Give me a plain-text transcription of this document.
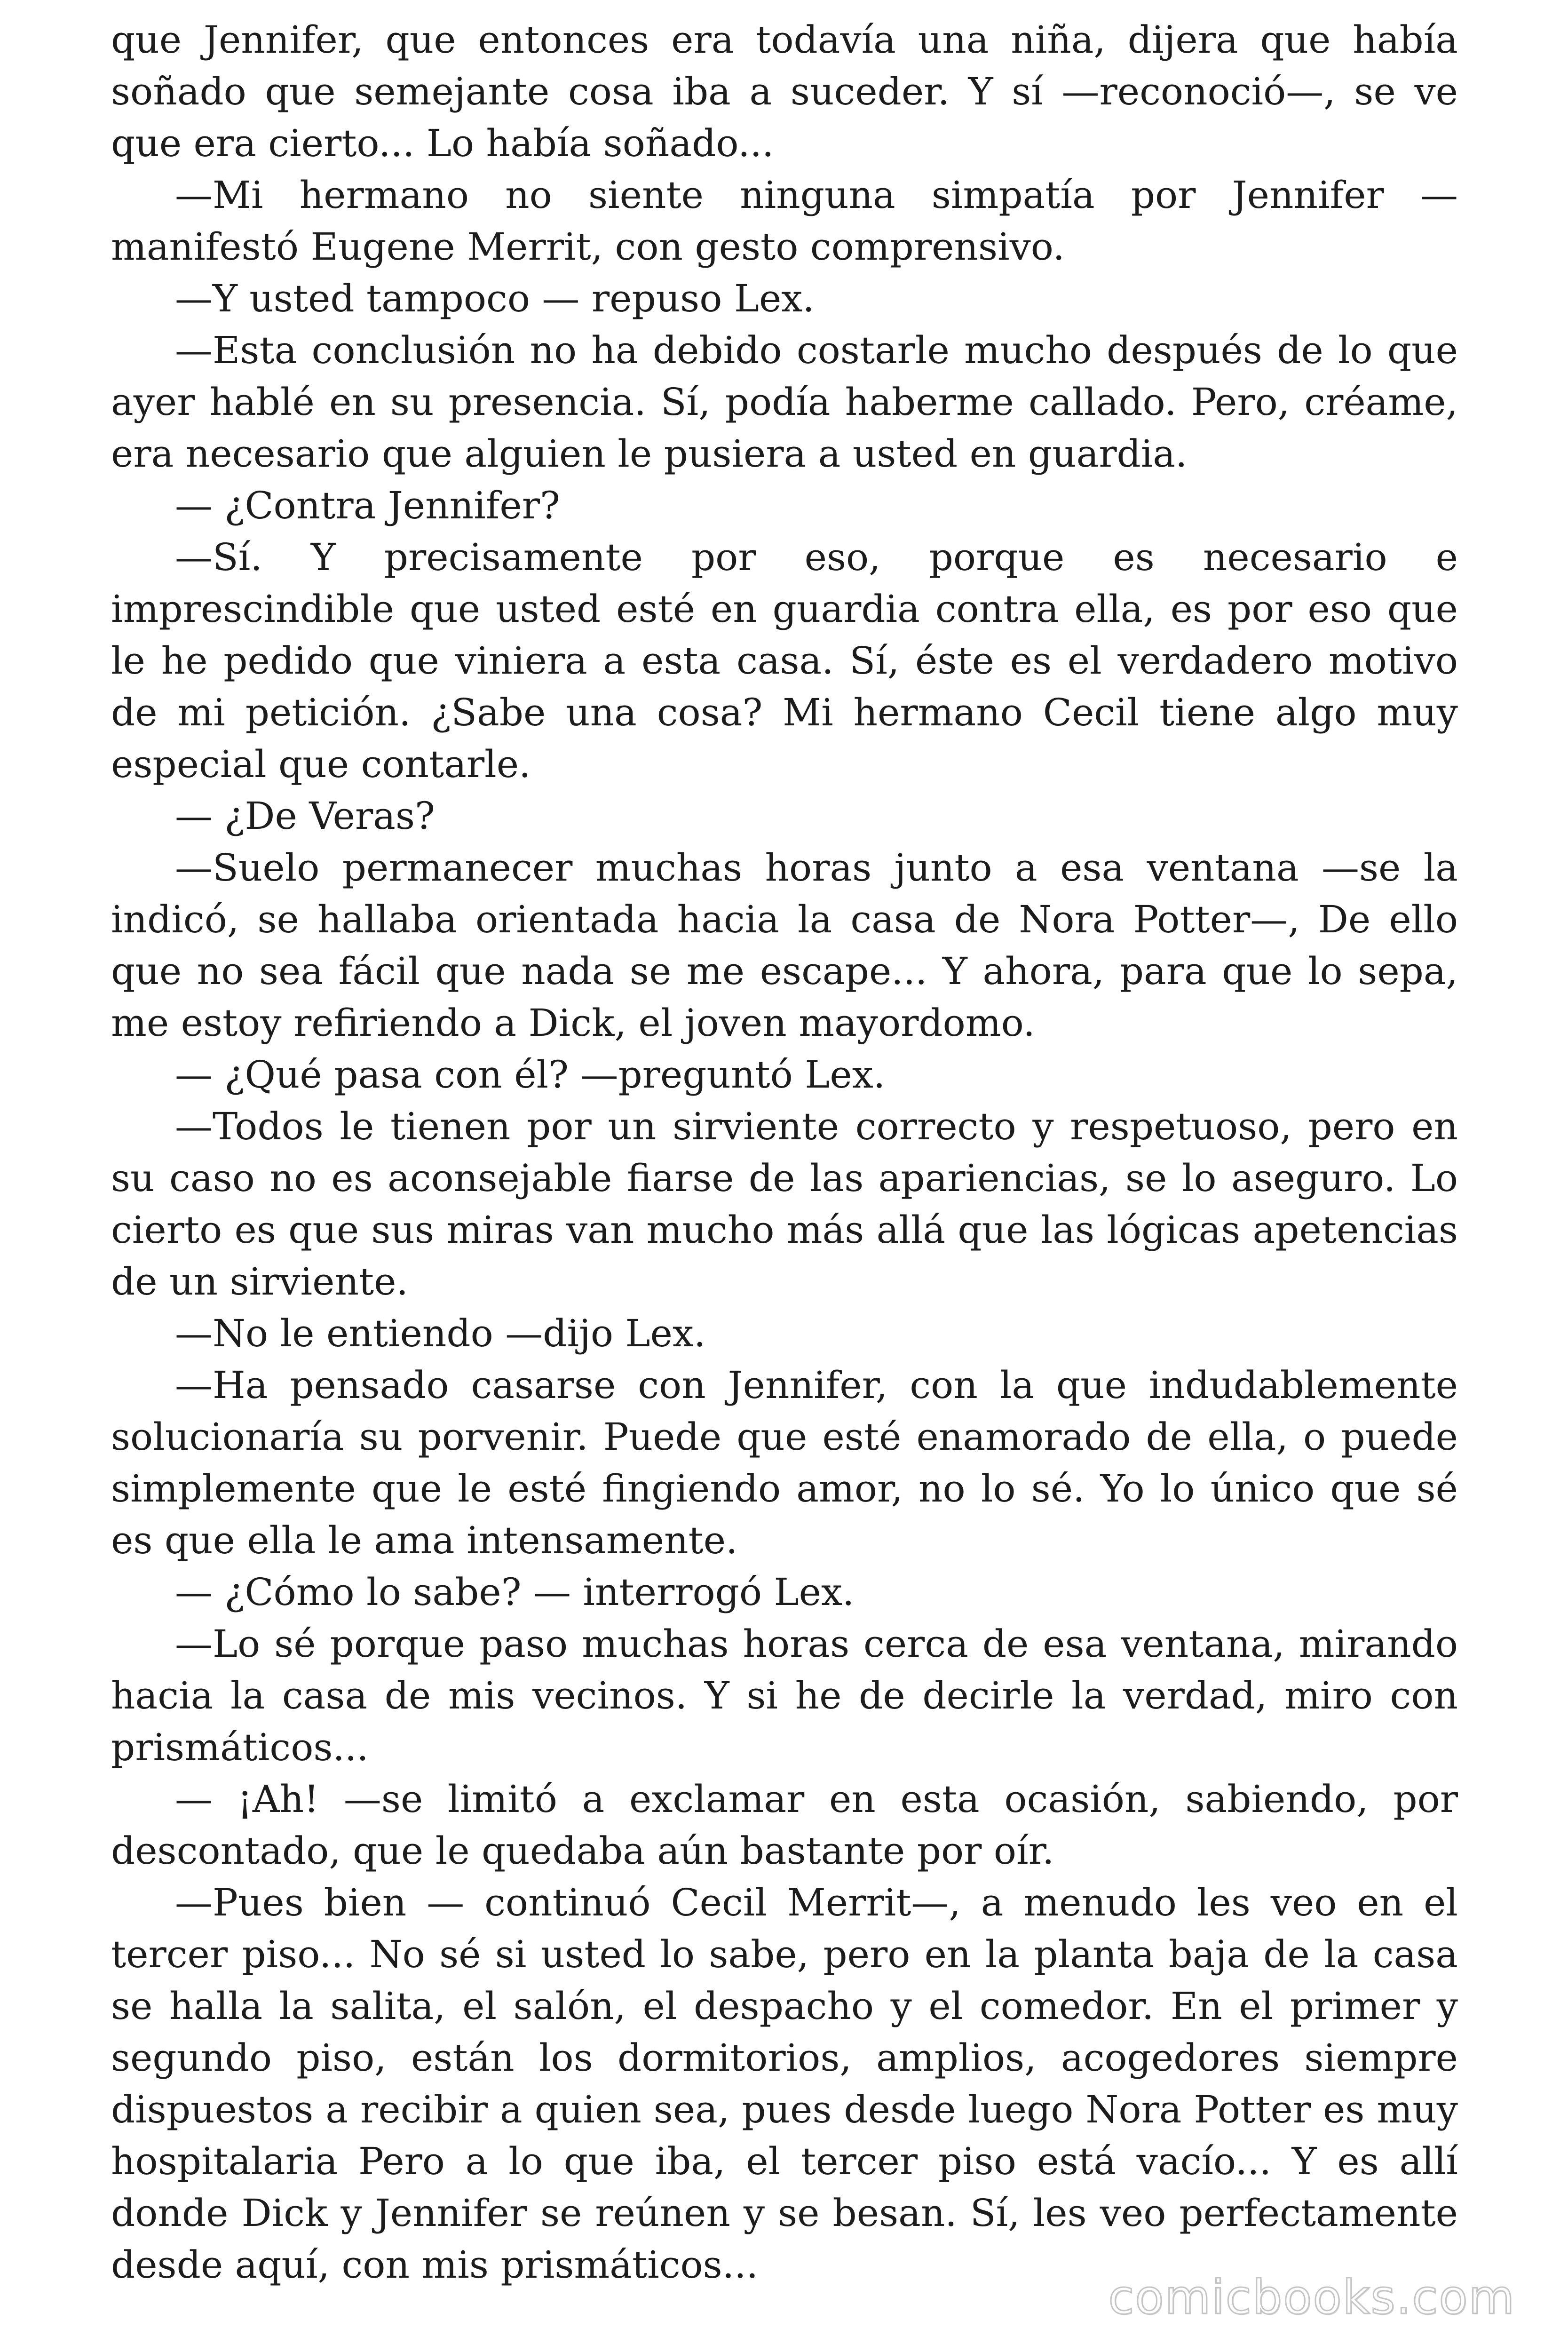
que Jennifer, que entonces era todavía una niña, dijera que había soñado que semejante cosa iba a suceder. Y sí —reconoció—, se ve que era cierto... Lo había soñado...

—Mi hermano no siente ninguna simpatía por Jennifer — manifestó Eugene Merrit, con gesto comprensivo.

—Y usted tampoco — repuso Lex.

—Esta conclusión no ha debido costarle mucho después de lo que ayer hablé en su presencia. Sí, podía haberme callado. Pero, créame, era necesario que alguien le pusiera a usted en guardia.

— ¿Contra Jennifer?

—Sí. Y precisamente por eso, porque es necesario e imprescindible que usted esté en guardia contra ella, es por eso que le he pedido que viniera a esta casa. Sí, éste es el verdadero motivo de mi petición. ¿Sabe una cosa? Mi hermano Cecil tiene algo muy especial que contarle.

— ¿De Veras?

—Suelo permanecer muchas horas junto a esa ventana —se la indicó, se hallaba orientada hacia la casa de Nora Potter—, De ello que no sea fácil que nada se me escape... Y ahora, para que lo sepa, me estoy refiriendo a Dick, el joven mayordomo.

— ¿Qué pasa con él? —preguntó Lex.

—Todos le tienen por un sirviente correcto y respetuoso, pero en su caso no es aconsejable fiarse de las apariencias, se lo aseguro. Lo cierto es que sus miras van mucho más allá que las lógicas apetencias de un sirviente.

—No le entiendo —dijo Lex.

—Ha pensado casarse con Jennifer, con la que indudablemente solucionaría su porvenir. Puede que esté enamorado de ella, o puede simplemente que le esté fingiendo amor, no lo sé. Yo lo único que sé es que ella le ama intensamente.

— ¿Cómo lo sabe? — interrogó Lex.

—Lo sé porque paso muchas horas cerca de esa ventana, mirando hacia la casa de mis vecinos. Y si he de decirle la verdad, miro con prismáticos...

— ¡Ah! —se limitó a exclamar en esta ocasión, sabiendo, por descontado, que le quedaba aún bastante por oír.

—Pues bien — continuó Cecil Merrit—, a menudo les veo en el tercer piso... No sé si usted lo sabe, pero en la planta baja de la casa se halla la salita, el salón, el despacho y el comedor. En el primer y segundo piso, están los dormitorios, amplios, acogedores siempre dispuestos a recibir a quien sea, pues desde luego Nora Potter es muy hospitalaria Pero a lo que iba, el tercer piso está vacío... Y es allí donde Dick y Jennifer se reúnen y se besan. Sí, les veo perfectamente desde aquí, con mis prismáticos...

comicbooks.com
